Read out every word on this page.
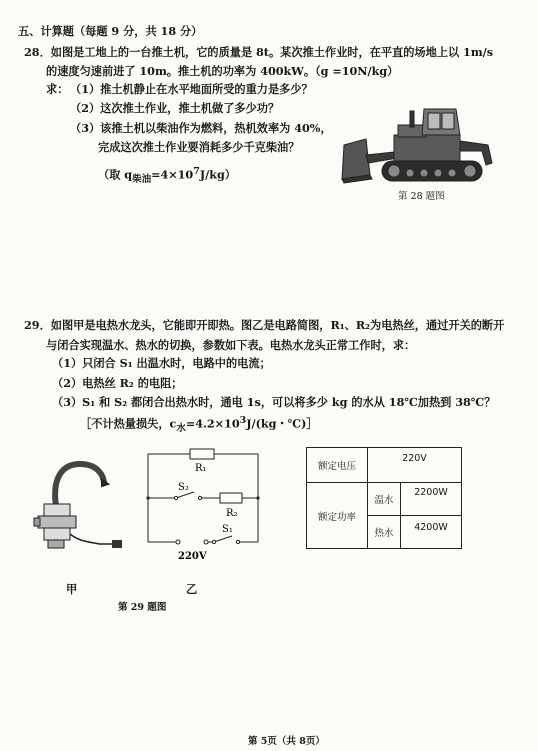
五、计算题（每题 9 分，共 18 分）
28．如图是工地上的一台推土机，它的质量是 8t。某次推土作业时，在平直的场地上以 1m/s
的速度匀速前进了 10m。推土机的功率为 400kW。（g =10N/kg）
求： （1）推土机静止在水平地面所受的重力是多少？
（2）这次推土作业，推土机做了多少功？
（3）该推土机以柴油作为燃料，热机效率为 40%，
完成这次推土作业要消耗多少千克柴油？
（取 $q_{柴油}=4\times 10^7J/kg$）
第 28 题图
29．如图甲是电热水龙头，它能即开即热。图乙是电路简图，R₁、R₂为电热丝，通过开关的断开
与闭合实现温水、热水的切换，参数如下表。电热水龙头正常工作时，求：
（1）只闭合 S₁ 出温水时，电路中的电流；
（2）电热丝 R₂ 的电阻；
（3）S₁ 和 S₂ 都闭合出热水时，通电 1s，可以将多少 kg 的水从 18℃加热到 38℃？
［不计热量损失，$c_水=4.2\times 10^3J/(kg$・℃)］
甲	乙
第 29 题图
R₁
S₂
R₂
S₁
220V
额定电压	220V	
额定功率	温水	2200W
	热水	4200W
第 5页（共 8页）
